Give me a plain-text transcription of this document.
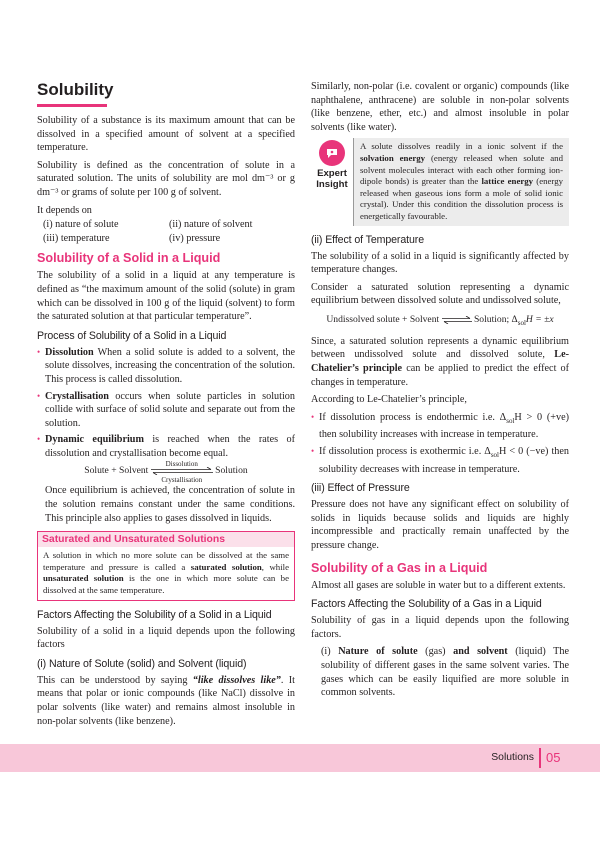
Solubility

Solubility of a substance is its maximum amount that can be dissolved in a specified amount of solvent at a specified temperature.

Solubility is defined as the concentration of solute in a saturated solution. The units of solubility are mol dm⁻³ or g dm⁻³ or grams of solute per 100 g of solvent.

It depends on

(i) nature of solute	(ii) nature of solvent
(iii) temperature	(iv) pressure
Solubility of a Solid in a Liquid

The solubility of a solid in a liquid at any temperature is defined as “the maximum amount of the solid (solute) in gram which can be dissolved in 100 g of the liquid (solvent) to form the saturated solution at that particular temperature”.

Process of Solubility of a Solid in a Liquid
• Dissolution When a solid solute is added to a solvent, the solute dissolves, increasing the concentration of the solution. This process is called dissolution.
• Crystallisation occurs when solute particles in solution collide with surface of solid solute and separate out from the solution.
• Dynamic equilibrium is reached when the rates of dissolution and crystallisation become equal.
Solute + Solvent
Dissolution
Crystallisation
Solution

Once equilibrium is achieved, the concentration of solute in the solution remains constant under the same conditions. This principle also applies to gases dissolved in liquids.

Saturated and Unsaturated Solutions
A solution in which no more solute can be dissolved at the same temperature and pressure is called a saturated solution, while unsaturated solution is the one in which more solute can be dissolved at the same temperature.
Factors Affecting the Solubility of a Solid in a Liquid

Solubility of a solid in a liquid depends upon the following factors

(i) Nature of Solute (solid) and Solvent (liquid)

This can be understood by saying “like dissolves like”. It means that polar or ionic compounds (like NaCl) dissolve in polar solvents (like water) and remains almost insoluble in non-polar solvents (like benzene).

Similarly, non-polar (i.e. covalent or organic) compounds (like naphthalene, anthracene) are soluble in non-polar solvents (like benzene, ether, etc.) and almost insoluble in polar solvents (like water).

Expert
Insight
A solute dissolves readily in a ionic solvent if the solvation energy (energy released when solute and solvent molecules interact with each other forming ion-dipole bonds) is greater than the lattice energy (energy released when gaseous ions form a mole of solid ionic crystal). Under this condition the dissolution process is energetically favourable.
(ii) Effect of Temperature

The solubility of a solid in a liquid is significantly affected by temperature changes.

Consider a saturated solution representing a dynamic equilibrium between dissolved solute and undissolved solute,

Undissolved solute + Solvent ⇌ Solution; $\Delta_{sol}H = \pm x$

Since, a saturated solution represents a dynamic equilibrium between undissolved solute and dissolved solute, Le-Chatelier’s principle can be applied to predict the effect of changes in temperature.

According to Le-Chatelier’s principle,

• If dissolution process is endothermic i.e. $\Delta_{sol}H > 0$ (+ve) then solubility increases with increase in temperature.
• If dissolution process is exothermic i.e. $\Delta_{sol}H < 0$ (−ve) then solubility decreases with increase in temperature.
(iii) Effect of Pressure

Pressure does not have any significant effect on solubility of solids in liquids because solids and liquids are highly incompressible and practically remain unaffected by the pressure change.

Solubility of a Gas in a Liquid

Almost all gases are soluble in water but to a different extents.

Factors Affecting the Solubility of a Gas in a Liquid

Solubility of gas in a liquid depends upon the following factors.

(i) Nature of solute (gas) and solvent (liquid) The solubility of different gases in the same solvent varies. The gases which can be easily liquified are more soluble in common solvents.

Solutions 05
